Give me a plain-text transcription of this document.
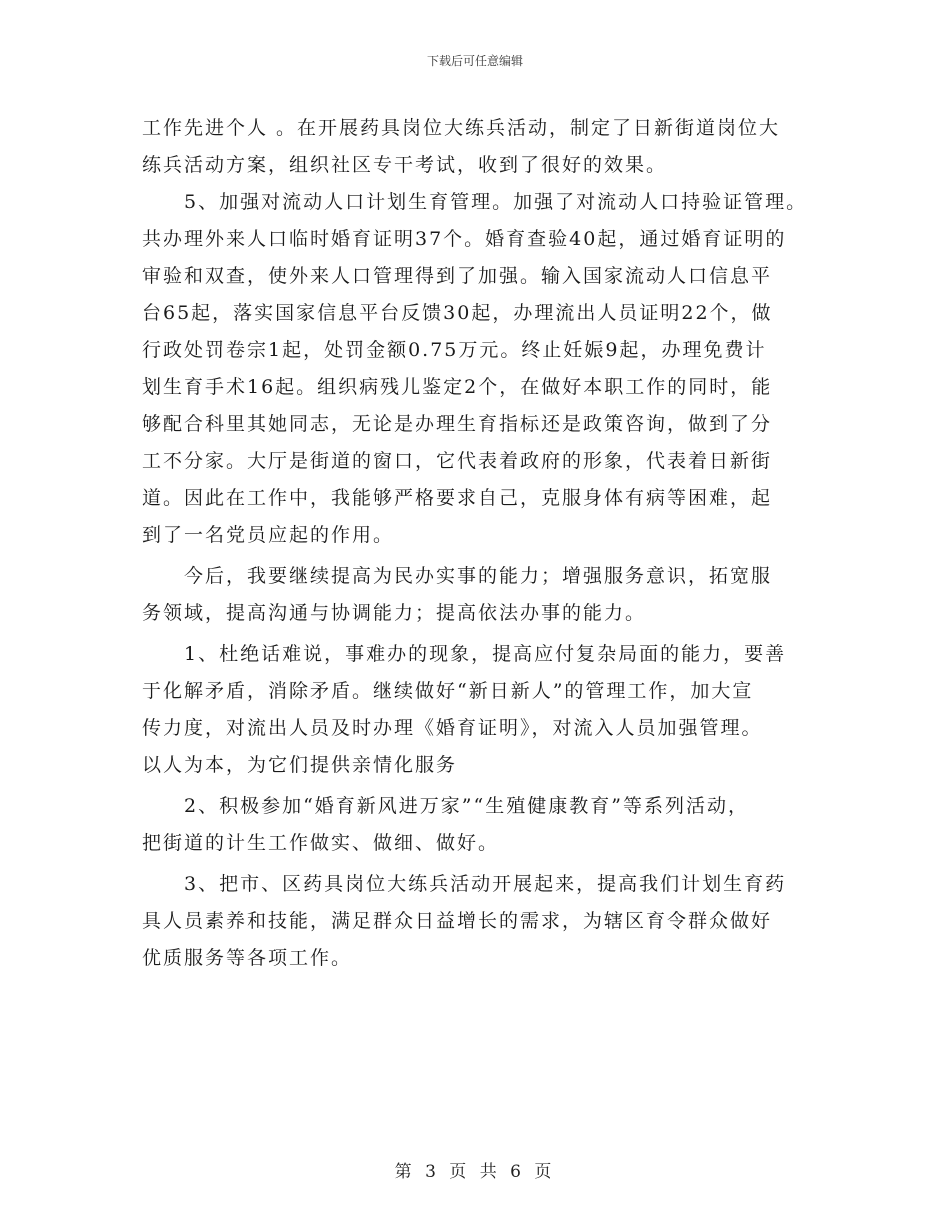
下载后可任意编辑
工作先进个人 。在开展药具岗位大练兵活动，制定了日新街道岗位大
练兵活动方案，组织社区专干考试，收到了很好的效果。
5、加强对流动人口计划生育管理。加强了对流动人口持验证管理。
共办理外来人口临时婚育证明37个。婚育查验40起，通过婚育证明的
审验和双查，使外来人口管理得到了加强。输入国家流动人口信息平
台65起，落实国家信息平台反馈30起，办理流出人员证明22个，做
行政处罚卷宗1起，处罚金额0.75万元。终止妊娠9起，办理免费计
划生育手术16起。组织病残儿鉴定2个，在做好本职工作的同时，能
够配合科里其她同志，无论是办理生育指标还是政策咨询，做到了分
工不分家。大厅是街道的窗口，它代表着政府的形象，代表着日新街
道。因此在工作中，我能够严格要求自己，克服身体有病等困难，起
到了一名党员应起的作用。
今后，我要继续提高为民办实事的能力；增强服务意识，拓宽服
务领域，提高沟通与协调能力；提高依法办事的能力。
1、杜绝话难说，事难办的现象，提高应付复杂局面的能力，要善
于化解矛盾，消除矛盾。继续做好“新日新人”的管理工作，加大宣
传力度，对流出人员及时办理《婚育证明》，对流入人员加强管理。
以人为本，为它们提供亲情化服务
2、积极参加“婚育新风进万家”“生殖健康教育”等系列活动，
把街道的计生工作做实、做细、做好。
3、把市、区药具岗位大练兵活动开展起来，提高我们计划生育药
具人员素养和技能，满足群众日益增长的需求，为辖区育令群众做好
优质服务等各项工作。
第 3 页 共 6 页
